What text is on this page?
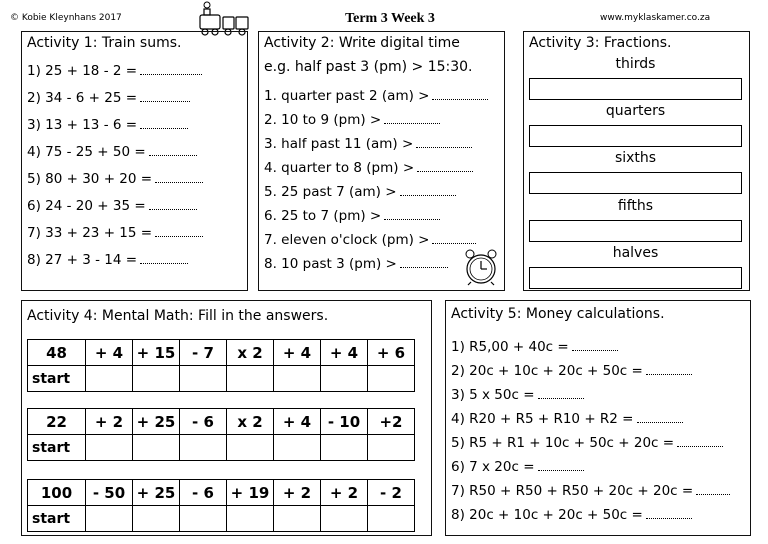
© Kobie Kleynhans 2017	Term 3 Week 3	www.myklaskamer.co.za
Activity 1: Train sums.
1) 25 + 18 - 2 =
2) 34 - 6 + 25 =
3) 13 + 13 - 6 =
4) 75 - 25 + 50 =
5) 80 + 30 + 20 =
6) 24 - 20 + 35 =
7) 33 + 23 + 15 =
8) 27 + 3 - 14 =
Activity 2: Write digital time
e.g. half past 3 (pm) > 15:30.
1. quarter past 2 (am) >
2. 10 to 9 (pm) >
3. half past 11 (am) >
4. quarter to 8 (pm) >
5. 25 past 7 (am) >
6. 25 to 7 (pm) >
7. eleven o'clock (pm) >
8. 10 past 3 (pm) >
Activity 3: Fractions.
thirds
quarters
sixths
fifths
halves
Activity 4: Mental Math: Fill in the answers.
48	+ 4	+ 15	- 7	x 2	+ 4	+ 4	+ 6
start							
22	+ 2	+ 25	- 6	x 2	+ 4	- 10	+2
start							
100	- 50	+ 25	- 6	+ 19	+ 2	+ 2	- 2
start							
Activity 5: Money calculations.
1) R5,00 + 40c =
2) 20c + 10c + 20c + 50c =
3) 5 x 50c =
4) R20 + R5 + R10 + R2 =
5) R5 + R1 + 10c + 50c + 20c =
6) 7 x 20c =
7) R50 + R50 + R50 + 20c + 20c =
8) 20c + 10c + 20c + 50c =
